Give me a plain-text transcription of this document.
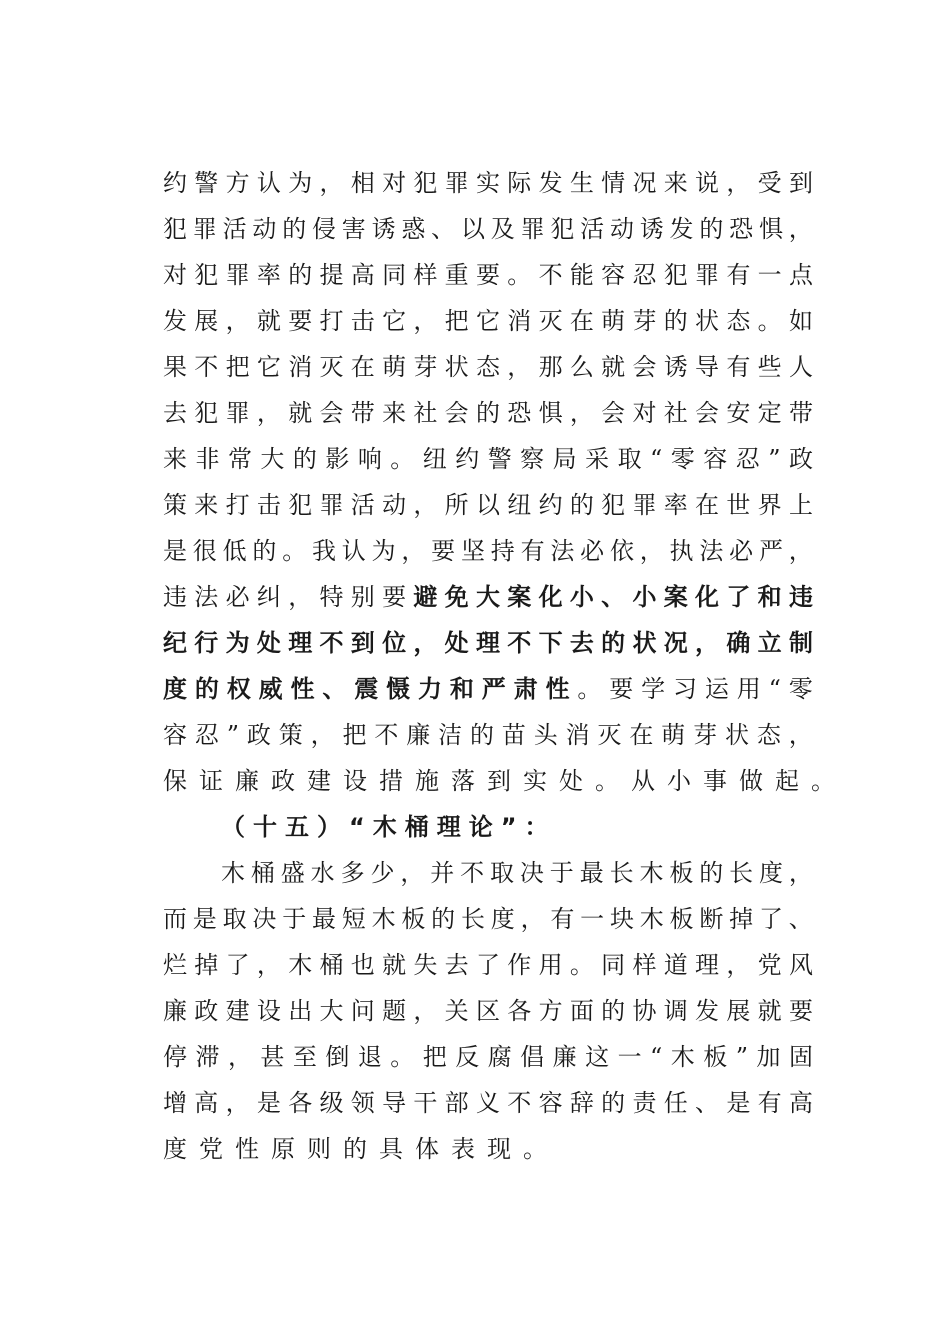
约 警 方 认 为 ， 相 对 犯 罪 实 际 发 生 情 况 来 说 ， 受 到
犯 罪 活 动 的 侵 害 诱 惑 、 以 及 罪 犯 活 动 诱 发 的 恐 惧 ，
对 犯 罪 率 的 提 高 同 样 重 要 。 不 能 容 忍 犯 罪 有 一 点
发 展 ， 就 要 打 击 它 ， 把 它 消 灭 在 萌 芽 的 状 态 。 如
果 不 把 它 消 灭 在 萌 芽 状 态 ， 那 么 就 会 诱 导 有 些 人
去 犯 罪 ， 就 会 带 来 社 会 的 恐 惧 ， 会 对 社 会 安 定 带
来 非 常 大 的 影 响 。 纽 约 警 察 局 采 取 “ 零 容 忍 ” 政
策 来 打 击 犯 罪 活 动 ， 所 以 纽 约 的 犯 罪 率 在 世 界 上
是 很 低 的 。 我 认 为 ， 要 坚 持 有 法 必 依 ， 执 法 必 严 ，
违 法 必 纠 ， 特 别 要 避 免 大 案 化 小 、 小 案 化 了 和 违
纪 行 为 处 理 不 到 位 ， 处 理 不 下 去 的 状 况 ， 确 立 制
度 的 权 威 性 、 震 慑 力 和 严 肃 性 。 要 学 习 运 用 “ 零
容 忍 ” 政 策 ， 把 不 廉 洁 的 苗 头 消 灭 在 萌 芽 状 态 ，
保证廉政建设措施落到实处。从小事做起。
（十五）“木桶理论”：
木 桶 盛 水 多 少 ， 并 不 取 决 于 最 长 木 板 的 长 度 ，
而 是 取 决 于 最 短 木 板 的 长 度 ， 有 一 块 木 板 断 掉 了 、
烂 掉 了 ， 木 桶 也 就 失 去 了 作 用 。 同 样 道 理 ， 党 风
廉 政 建 设 出 大 问 题 ， 关 区 各 方 面 的 协 调 发 展 就 要
停 滞 ， 甚 至 倒 退 。 把 反 腐 倡 廉 这 一 “ 木 板 ” 加 固
增 高 ， 是 各 级 领 导 干 部 义 不 容 辞 的 责 任 、 是 有 高
度党性原则的具体表现。
